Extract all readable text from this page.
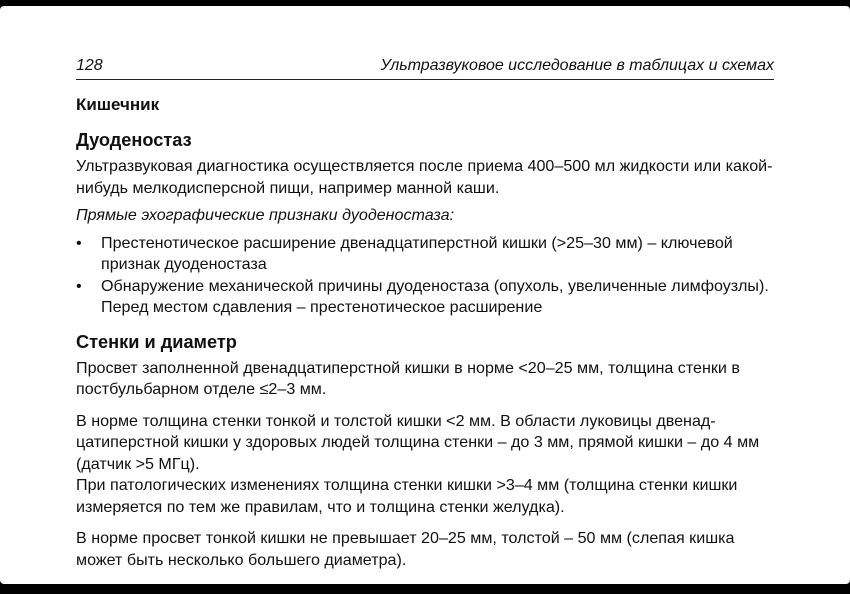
128	Ультразвуковое исследование в таблицах и схемах
Кишечник
Дуоденостаз

Ультразвуковая диагностика осуществляется после приема 400–500 мл жидкости или какой-нибудь мелкодисперсной пищи, например манной каши.

Прямые эхографические признаки дуоденостаза:

• Престенотическое расширение двенадцатиперстной кишки (>25–30 мм) – ключевой признак дуоденостаза
• Обнаружение механической причины дуоденостаза (опухоль, увеличенные лимфоузлы). Перед местом сдавления – престенотическое расширение
Стенки и диаметр

Просвет заполненной двенадцатиперстной кишки в норме <20–25 мм, толщина стенки в постбульбарном отделе ≤2–3 мм.

В норме толщина стенки тонкой и толстой кишки <2 мм. В области луковицы двенадцатиперстной кишки у здоровых людей толщина стенки – до 3 мм, прямой кишки – до 4 мм (датчик >5 МГц).

При патологических изменениях толщина стенки кишки >3–4 мм (толщина стенки кишки измеряется по тем же правилам, что и толщина стенки желудка).

В норме просвет тонкой кишки не превышает 20–25 мм, толстой – 50 мм (слепая кишка может быть несколько большего диаметра).
